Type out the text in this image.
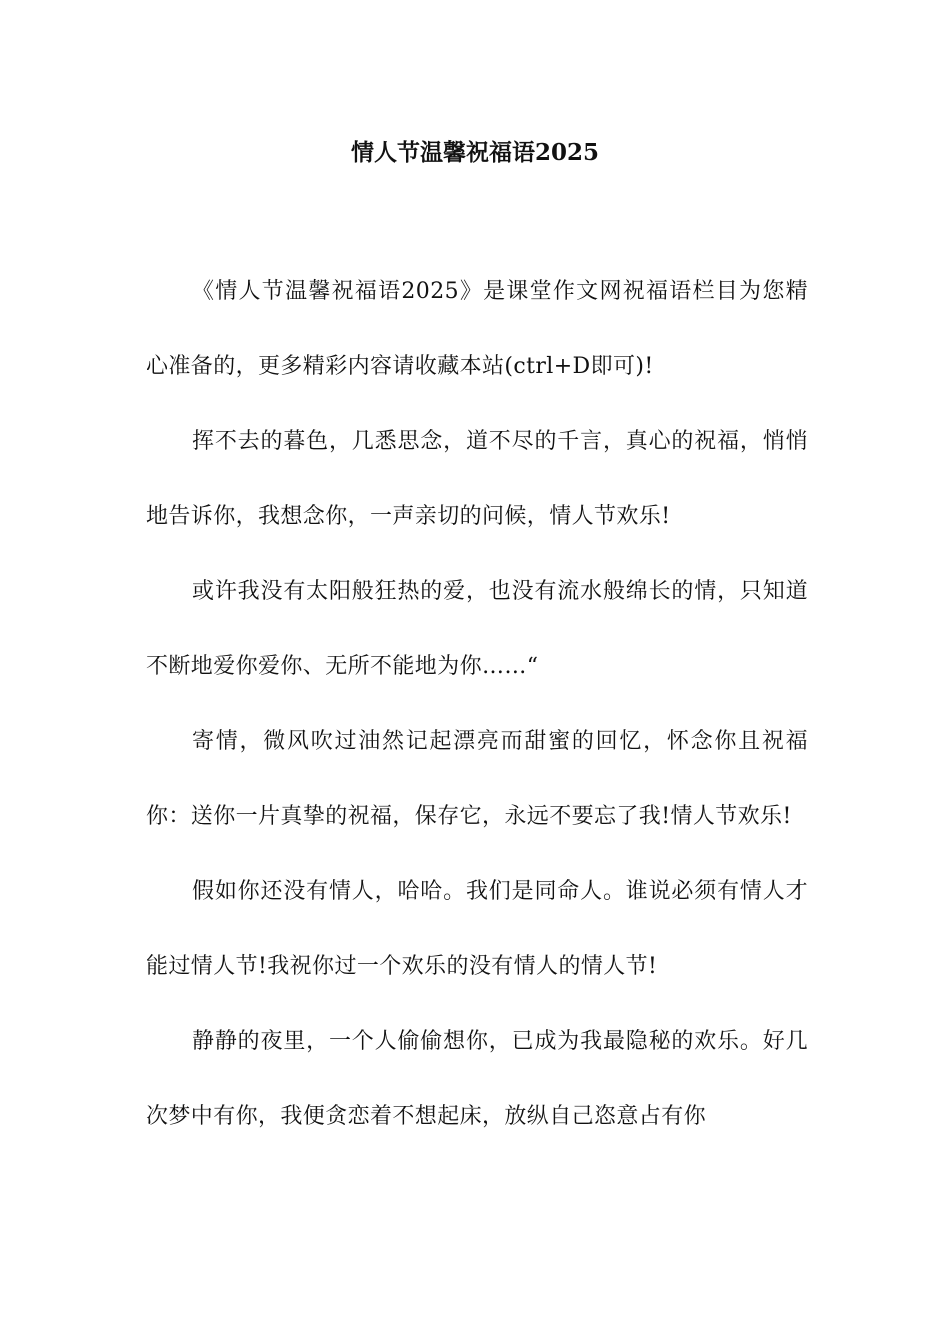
情人节温馨祝福语2025

《情人节温馨祝福语2025》是课堂作文网祝福语栏目为您精心准备的，更多精彩内容请收藏本站(ctrl+D即可)!

挥不去的暮色，几悉思念，道不尽的千言，真心的祝福，悄悄地告诉你，我想念你，一声亲切的问候，情人节欢乐!

或许我没有太阳般狂热的爱，也没有流水般绵长的情，只知道不断地爱你爱你、无所不能地为你……“

寄情，微风吹过油然记起漂亮而甜蜜的回忆，怀念你且祝福你：送你一片真挚的祝福，保存它，永远不要忘了我!情人节欢乐!

假如你还没有情人，哈哈。我们是同命人。谁说必须有情人才能过情人节!我祝你过一个欢乐的没有情人的情人节!

静静的夜里，一个人偷偷想你，已成为我最隐秘的欢乐。好几次梦中有你，我便贪恋着不想起床，放纵自己恣意占有你
